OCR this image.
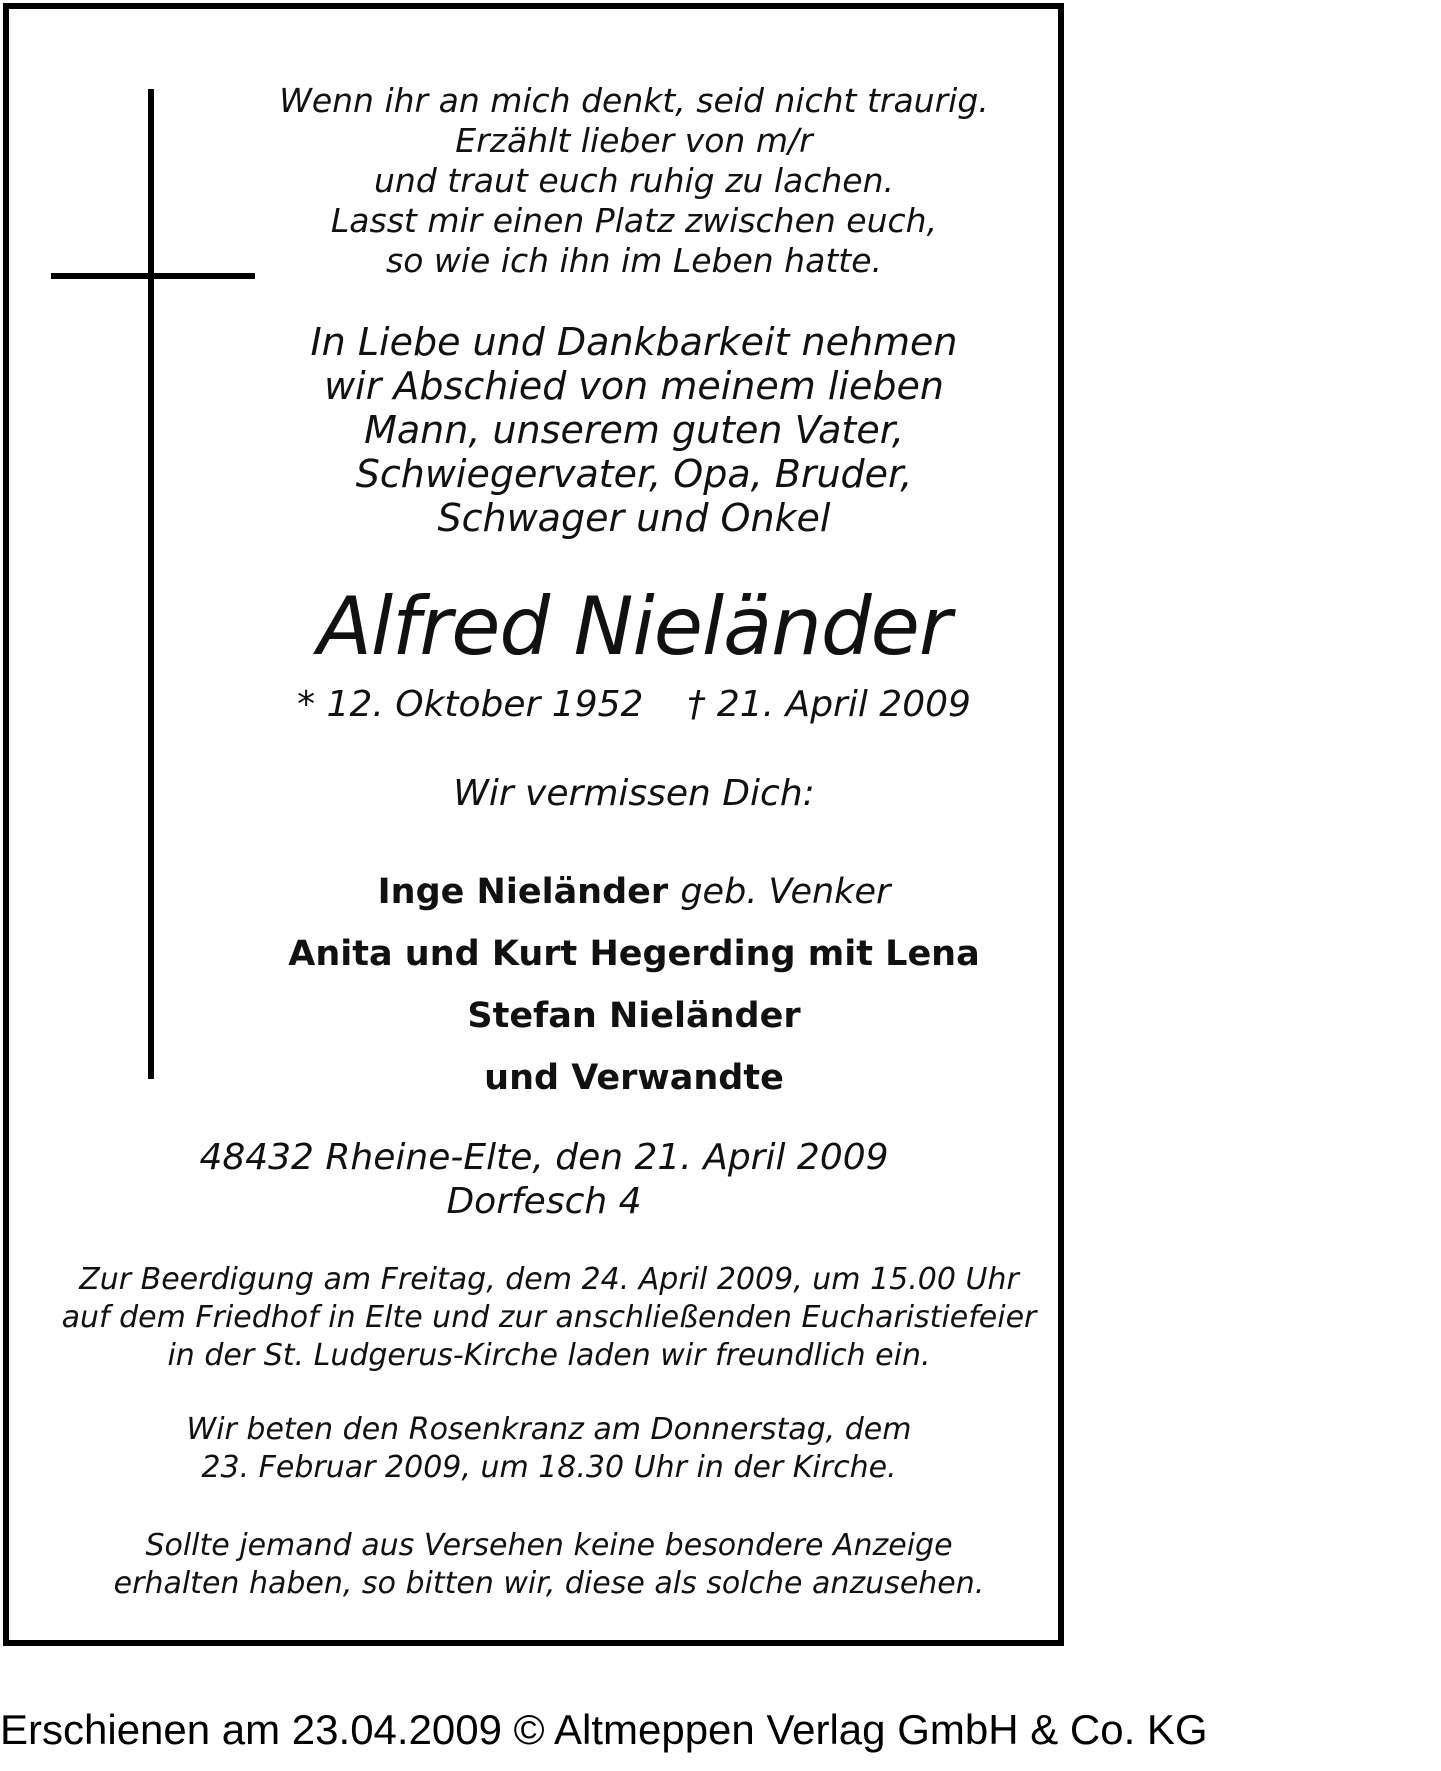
Wenn ihr an mich denkt, seid nicht traurig.
Erzählt lieber von m/r
und traut euch ruhig zu lachen.
Lasst mir einen Platz zwischen euch,
so wie ich ihn im Leben hatte.
In Liebe und Dankbarkeit nehmen
wir Abschied von meinem lieben
Mann, unserem guten Vater,
Schwiegervater, Opa, Bruder,
Schwager und Onkel
Alfred Nieländer
* 12. Oktober 1952 † 21. April 2009
Wir vermissen Dich:
Inge Nieländer geb. Venker
Anita und Kurt Hegerding mit Lena
Stefan Nieländer
und Verwandte
48432 Rheine-Elte, den 21. April 2009
Dorfesch 4
Zur Beerdigung am Freitag, dem 24. April 2009, um 15.00 Uhr
auf dem Friedhof in Elte und zur anschließenden Eucharistiefeier
in der St. Ludgerus-Kirche laden wir freundlich ein.
Wir beten den Rosenkranz am Donnerstag, dem
23. Februar 2009, um 18.30 Uhr in der Kirche.
Sollte jemand aus Versehen keine besondere Anzeige
erhalten haben, so bitten wir, diese als solche anzusehen.
Erschienen am 23.04.2009 © Altmeppen Verlag GmbH & Co. KG
